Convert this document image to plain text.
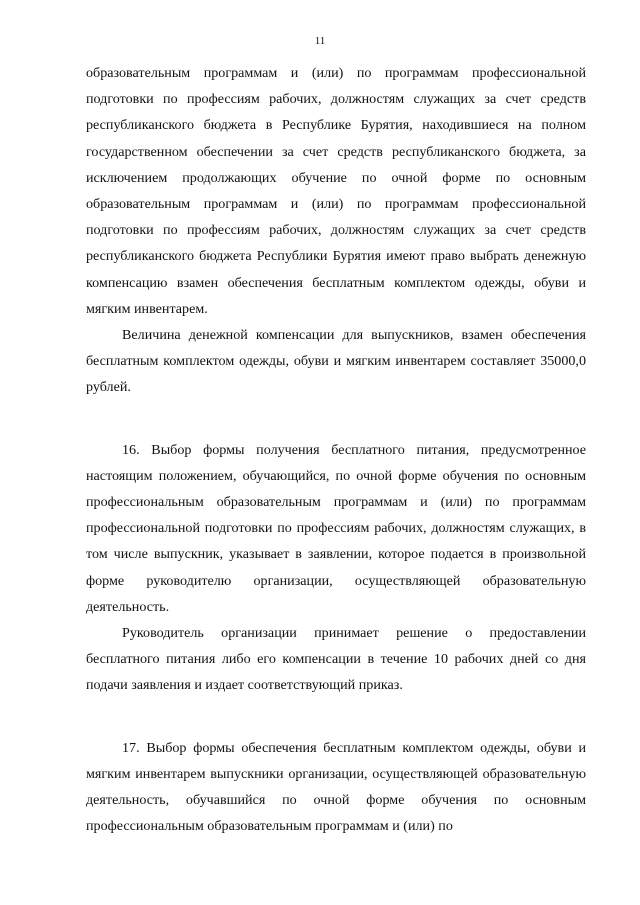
11

образовательным программам и (или) по программам профессиональной подготовки по профессиям рабочих, должностям служащих за счет средств республиканского бюджета в Республике Бурятия, находившиеся на полном государственном обеспечении за счет средств республиканского бюджета, за исключением продолжающих обучение по очной форме по основным образовательным программам и (или) по программам профессиональной подготовки по профессиям рабочих, должностям служащих за счет средств республиканского бюджета Республики Бурятия имеют право выбрать денежную компенсацию взамен обеспечения бесплатным комплектом одежды, обуви и мягким инвентарем.

Величина денежной компенсации для выпускников, взамен обеспечения бесплатным комплектом одежды, обуви и мягким инвентарем составляет 35000,0 рублей.

16. Выбор формы получения бесплатного питания, предусмотренное настоящим положением, обучающийся, по очной форме обучения по основным профессиональным образовательным программам и (или) по программам профессиональной подготовки по профессиям рабочих, должностям служащих, в том числе выпускник, указывает в заявлении, которое подается в произвольной форме руководителю организации, осуществляющей образовательную деятельность.

Руководитель организации принимает решение о предоставлении бесплатного питания либо его компенсации в течение 10 рабочих дней со дня подачи заявления и издает соответствующий приказ.

17. Выбор формы обеспечения бесплатным комплектом одежды, обуви и мягким инвентарем выпускники организации, осуществляющей образовательную деятельность, обучавшийся по очной форме обучения по основным профессиональным образовательным программам и (или) по
